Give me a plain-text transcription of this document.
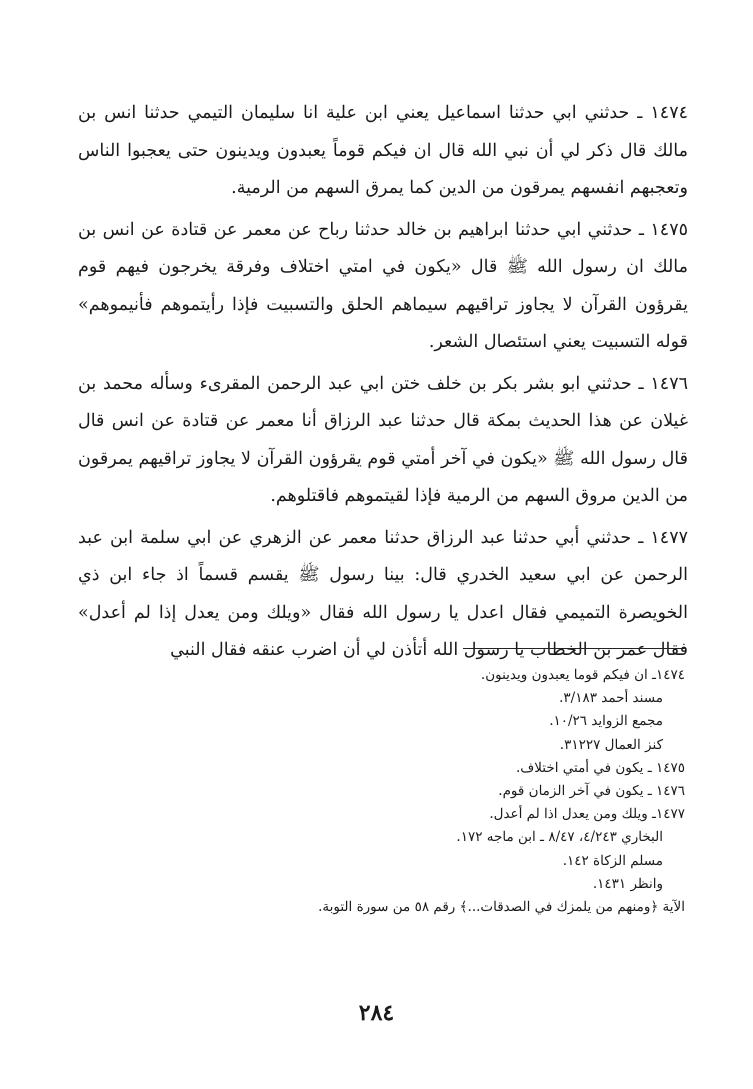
١٤٧٤ ـ حدثني ابي حدثنا اسماعيل يعني ابن علية انا سليمان التيمي حدثنا انس بن مالك قال ذكر لي أن نبي الله قال ان فيكم قوماً يعبدون ويدينون حتى يعجبوا الناس وتعجبهم انفسهم يمرقون من الدين كما يمرق السهم من الرمية.

١٤٧٥ ـ حدثني ابي حدثنا ابراهيم بن خالد حدثنا رباح عن معمر عن قتادة عن انس بن مالك ان رسول الله ﷺ قال «يكون في امتي اختلاف وفرقة يخرجون فيهم قوم يقرؤون القرآن لا يجاوز تراقيهم سيماهم الحلق والتسبيت فإذا رأيتموهم فأنيموهم» قوله التسبيت يعني استئصال الشعر.

١٤٧٦ ـ حدثني ابو بشر بكر بن خلف ختن ابي عبد الرحمن المقرىء وسأله محمد بن غيلان عن هذا الحديث بمكة قال حدثنا عبد الرزاق أنا معمر عن قتادة عن انس قال قال رسول الله ﷺ «يكون في آخر أمتي قوم يقرؤون القرآن لا يجاوز تراقيهم يمرقون من الدين مروق السهم من الرمية فإذا لقيتموهم فاقتلوهم.

١٤٧٧ ـ حدثني أبي حدثنا عبد الرزاق حدثنا معمر عن الزهري عن ابي سلمة ابن عبد الرحمن عن ابي سعيد الخدري قال: بينا رسول ﷺ يقسم قسماً اذ جاء ابن ذي الخويصرة التميمي فقال اعدل يا رسول الله فقال «ويلك ومن يعدل إذا لم أعدل» فقال عمر بن الخطاب يا رسول الله أتأذن لي أن اضرب عنقه فقال النبي

١٤٧٤ـ ان فيكم قوما يعبدون ويدينون.
مسند أحمد ٣/١٨٣.
مجمع الزوايد ١٠/٢٦.
كنز العمال ٣١٢٢٧.
١٤٧٥ ـ يكون في أمتي اختلاف.
١٤٧٦ ـ يكون في آخر الزمان قوم.
١٤٧٧ـ ويلك ومن يعدل اذا لم أعدل.
البخاري ٤/٢٤٣، ٨/٤٧ ـ ابن ماجه ١٧٢.
مسلم الزكاة ١٤٢.
وانظر ١٤٣١.
الآية ﴿ومنهم من يلمزك في الصدقات...﴾ رقم ٥٨ من سورة التوبة.
٢٨٤
